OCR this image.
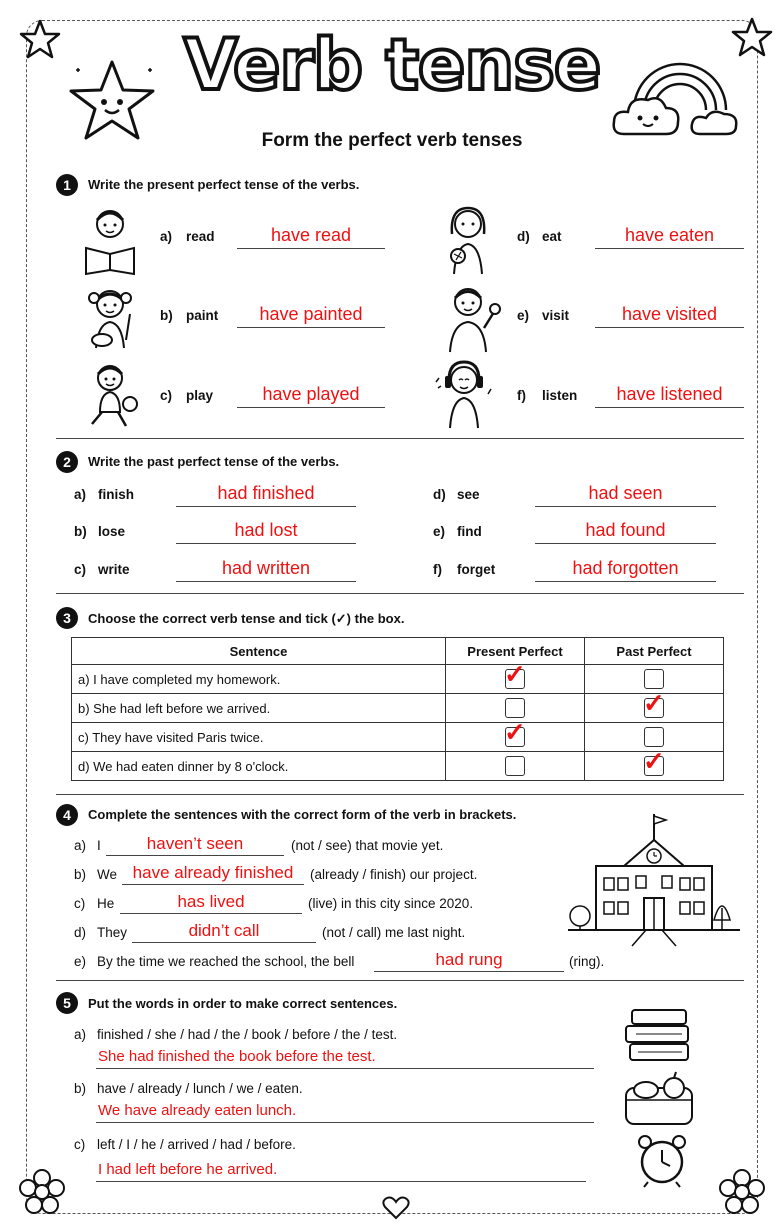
Verb tense
Form the perfect verb tenses
1	Write the present perfect tense of the verbs.
a) read	have read
b) paint	have painted
c) play	have played
d) eat	have eaten
e) visit	have visited
f) listen	have listened
2	Write the past perfect tense of the verbs.
a) finish	had finished
b) lose	had lost
c) write	had written
d) see	had seen
e) find	had found
f) forget	had forgotten
3	Choose the correct verb tense and tick (✓) the box.
Sentence	Present Perfect	Past Perfect
a) I have completed my homework.	✓	

b) She had left before we arrived.		✓

c) They have visited Paris twice.	✓	

d) We had eaten dinner by 8 o'clock.		✓
4	Complete the sentences with the correct form of the verb in brackets.
a) I	haven’t seen	(not / see) that movie yet.
b) We have already finished	(already / finish) our project.
c) He	has lived	(live) in this city since 2020.
d) They	didn’t call	(not / call) me last night.
e) By the time we reached the school, the bell	had rung	(ring).
5	Put the words in order to make correct sentences.
a) finished / she / had / the / book / before / the / test.
She had finished the book before the test.
b) have / already / lunch / we / eaten.
We have already eaten lunch.
c) left / I / he / arrived / had / before.
I had left before he arrived.
